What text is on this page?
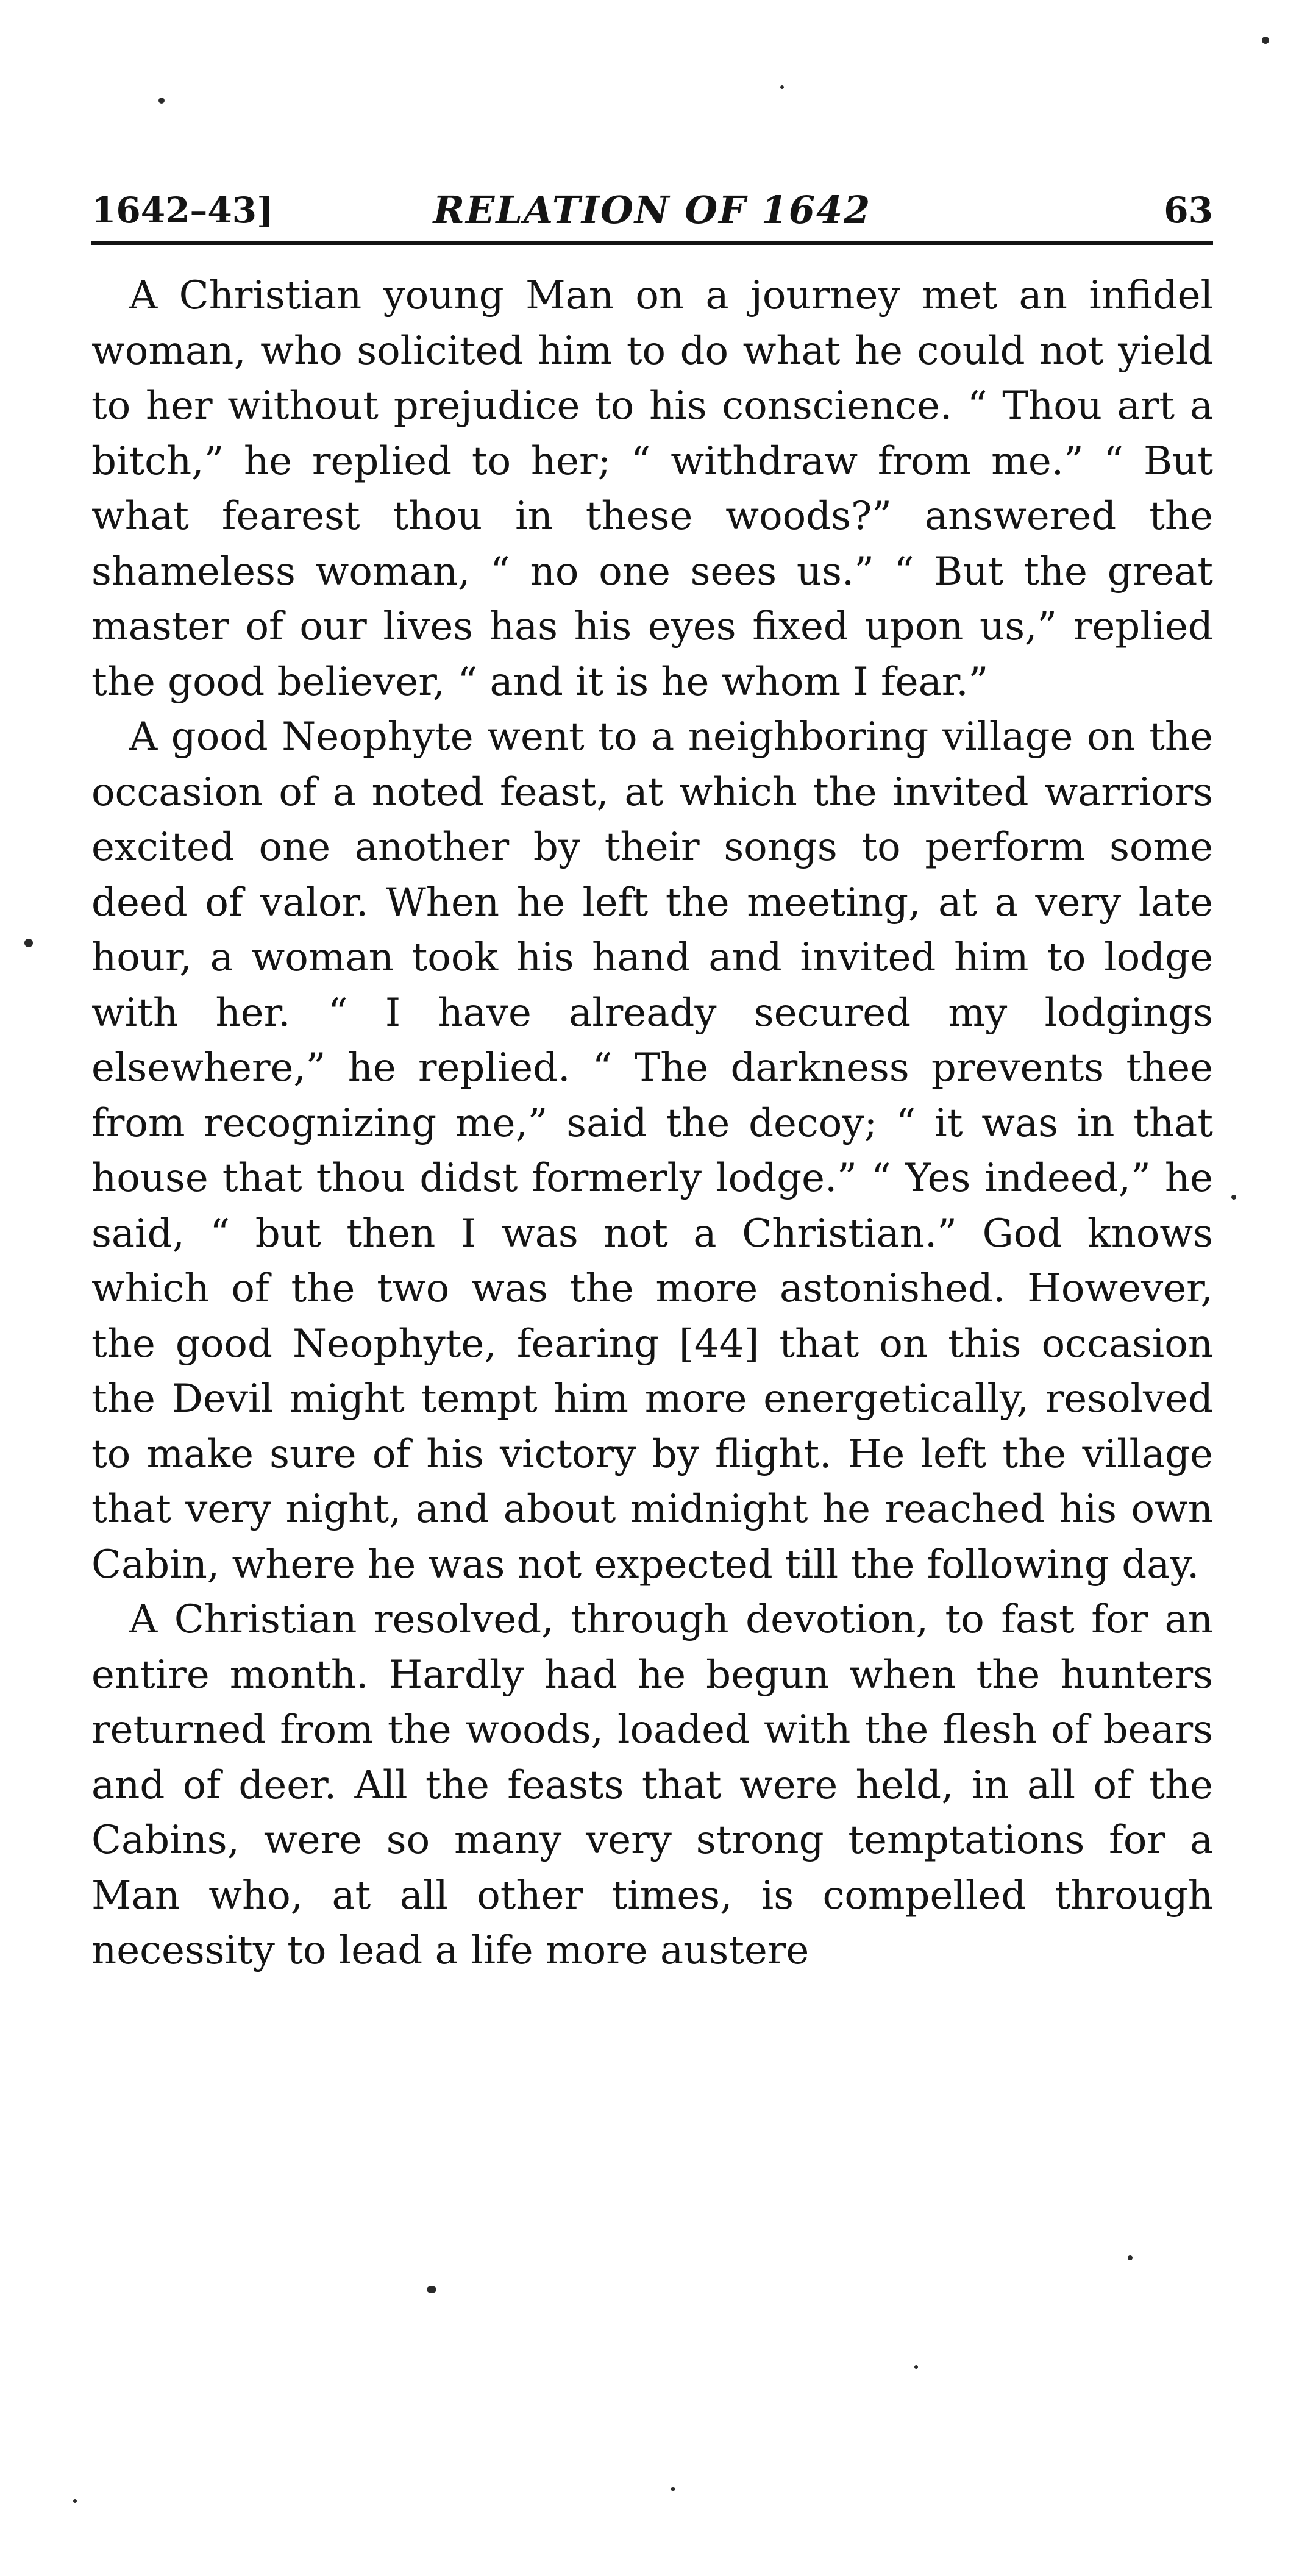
1642–43]	RELATION OF 1642	63

A Christian young Man on a journey met an infidel woman, who solicited him to do what he could not yield to her without prejudice to his conscience. “ Thou art a bitch,” he replied to her; “ withdraw from me.” “ But what fearest thou in these woods?” answered the shameless woman, “ no one sees us.” “ But the great master of our lives has his eyes fixed upon us,” replied the good believer, “ and it is he whom I fear.”

A good Neophyte went to a neighboring village on the occasion of a noted feast, at which the invited warriors excited one another by their songs to perform some deed of valor. When he left the meeting, at a very late hour, a woman took his hand and invited him to lodge with her. “ I have already secured my lodgings elsewhere,” he replied. “ The darkness prevents thee from recognizing me,” said the decoy; “ it was in that house that thou didst formerly lodge.” “ Yes indeed,” he said, “ but then I was not a Christian.” God knows which of the two was the more astonished. However, the good Neophyte, fearing [44] that on this occasion the Devil might tempt him more energetically, resolved to make sure of his victory by flight. He left the village that very night, and about midnight he reached his own Cabin, where he was not expected till the following day.

A Christian resolved, through devotion, to fast for an entire month. Hardly had he begun when the hunters returned from the woods, loaded with the flesh of bears and of deer. All the feasts that were held, in all of the Cabins, were so many very strong temptations for a Man who, at all other times, is compelled through necessity to lead a life more austere
